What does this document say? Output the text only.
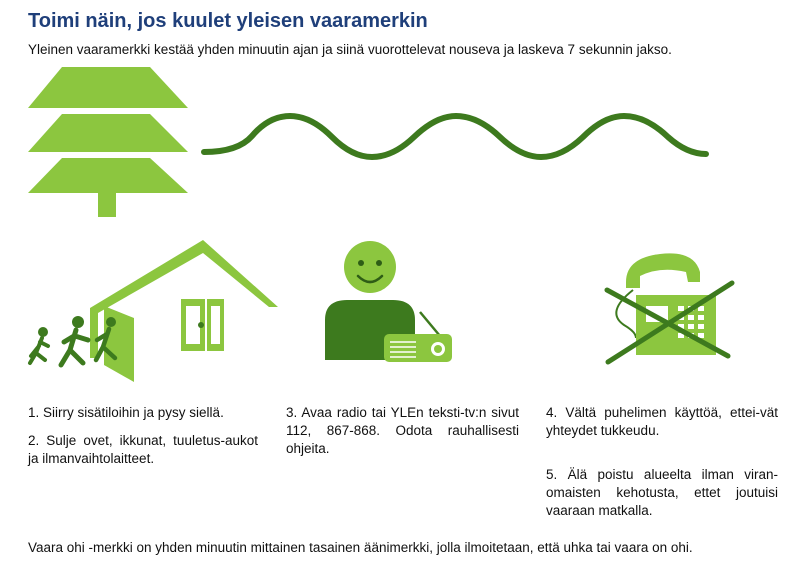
Toimi näin, jos kuulet yleisen vaaramerkin
Yleinen vaaramerkki kestää yhden minuutin ajan ja siinä vuorottelevat nouseva ja laskeva 7 sekunnin jakso.

1. Siirry sisätiloihin ja pysy siellä.

2. Sulje ovet, ikkunat, tuuletus-aukot ja ilmanvaihtolaitteet.

3. Avaa radio tai YLEn teksti-tv:n sivut 112, 867-868. Odota rauhallisesti ohjeita.

4. Vältä puhelimen käyttöä, ettei-vät yhteydet tukkeudu.

5. Älä poistu alueelta ilman viran-omaisten kehotusta, ettet joutuisi vaaraan matkalla.

Vaara ohi -merkki on yhden minuutin mittainen tasainen äänimerkki, jolla ilmoitetaan, että uhka tai vaara on ohi.
